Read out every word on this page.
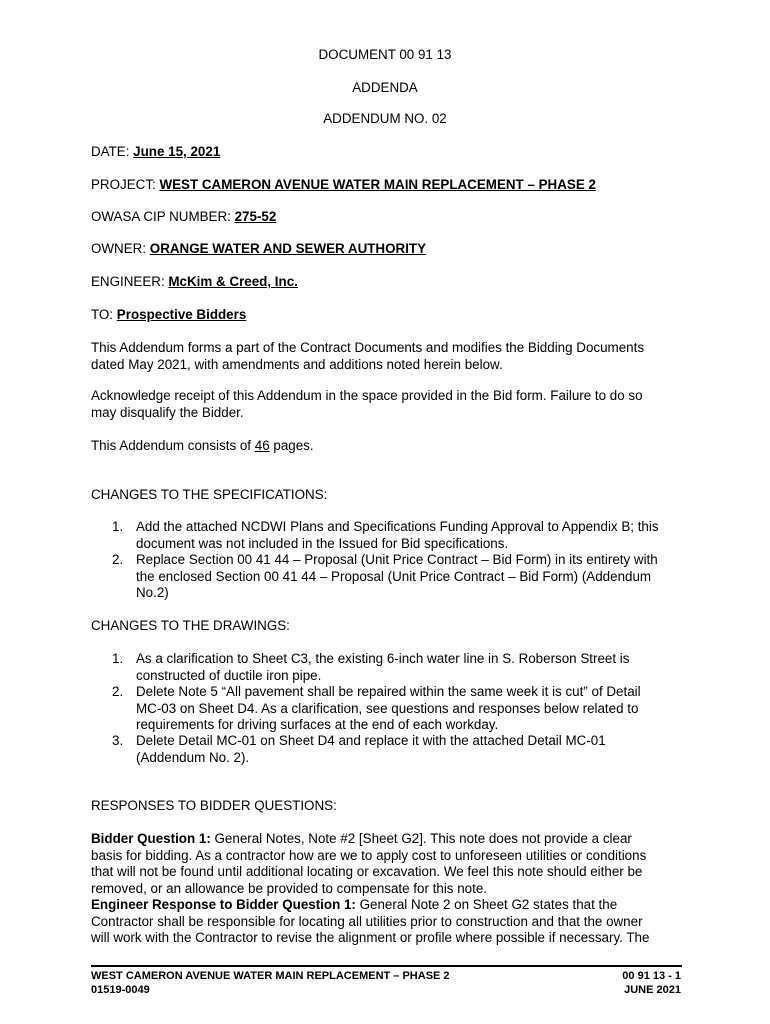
DOCUMENT 00 91 13
ADDENDA
ADDENDUM NO. 02
DATE: June 15, 2021
PROJECT: WEST CAMERON AVENUE WATER MAIN REPLACEMENT – PHASE 2
OWASA CIP NUMBER: 275-52
OWNER: ORANGE WATER AND SEWER AUTHORITY
ENGINEER: McKim & Creed, Inc.
TO: Prospective Bidders
This Addendum forms a part of the Contract Documents and modifies the Bidding Documents
dated May 2021, with amendments and additions noted herein below.
Acknowledge receipt of this Addendum in the space provided in the Bid form. Failure to do so
may disqualify the Bidder.
This Addendum consists of 46 pages.
CHANGES TO THE SPECIFICATIONS:
1. Add the attached NCDWI Plans and Specifications Funding Approval to Appendix B; this
document was not included in the Issued for Bid specifications.
2. Replace Section 00 41 44 – Proposal (Unit Price Contract – Bid Form) in its entirety with
the enclosed Section 00 41 44 – Proposal (Unit Price Contract – Bid Form) (Addendum
No.2)
CHANGES TO THE DRAWINGS:
1. As a clarification to Sheet C3, the existing 6-inch water line in S. Roberson Street is
constructed of ductile iron pipe.
2. Delete Note 5 “All pavement shall be repaired within the same week it is cut” of Detail
MC-03 on Sheet D4. As a clarification, see questions and responses below related to
requirements for driving surfaces at the end of each workday.
3. Delete Detail MC-01 on Sheet D4 and replace it with the attached Detail MC-01
(Addendum No. 2).
RESPONSES TO BIDDER QUESTIONS:
Bidder Question 1: General Notes, Note #2 [Sheet G2]. This note does not provide a clear
basis for bidding. As a contractor how are we to apply cost to unforeseen utilities or conditions
that will not be found until additional locating or excavation. We feel this note should either be
removed, or an allowance be provided to compensate for this note.
Engineer Response to Bidder Question 1: General Note 2 on Sheet G2 states that the
Contractor shall be responsible for locating all utilities prior to construction and that the owner
will work with the Contractor to revise the alignment or profile where possible if necessary. The
WEST CAMERON AVENUE WATER MAIN REPLACEMENT – PHASE 2
01519-0049
00 91 13 - 1
JUNE 2021
